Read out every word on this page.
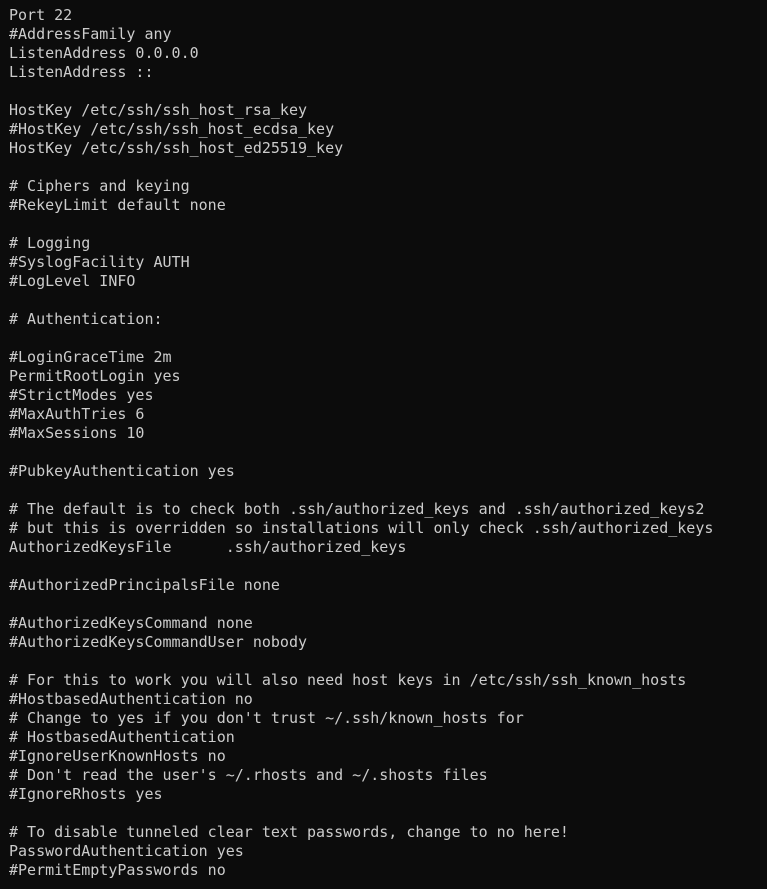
Port 22
#AddressFamily any
ListenAddress 0.0.0.0
ListenAddress ::
HostKey /etc/ssh/ssh_host_rsa_key
#HostKey /etc/ssh/ssh_host_ecdsa_key
HostKey /etc/ssh/ssh_host_ed25519_key
# Ciphers and keying
#RekeyLimit default none
# Logging
#SyslogFacility AUTH
#LogLevel INFO
# Authentication:
#LoginGraceTime 2m
PermitRootLogin yes
#StrictModes yes
#MaxAuthTries 6
#MaxSessions 10
#PubkeyAuthentication yes
# The default is to check both .ssh/authorized_keys and .ssh/authorized_keys2
# but this is overridden so installations will only check .ssh/authorized_keys
AuthorizedKeysFile      .ssh/authorized_keys
#AuthorizedPrincipalsFile none
#AuthorizedKeysCommand none
#AuthorizedKeysCommandUser nobody
# For this to work you will also need host keys in /etc/ssh/ssh_known_hosts
#HostbasedAuthentication no
# Change to yes if you don't trust ~/.ssh/known_hosts for
# HostbasedAuthentication
#IgnoreUserKnownHosts no
# Don't read the user's ~/.rhosts and ~/.shosts files
#IgnoreRhosts yes
# To disable tunneled clear text passwords, change to no here!
PasswordAuthentication yes
#PermitEmptyPasswords no
